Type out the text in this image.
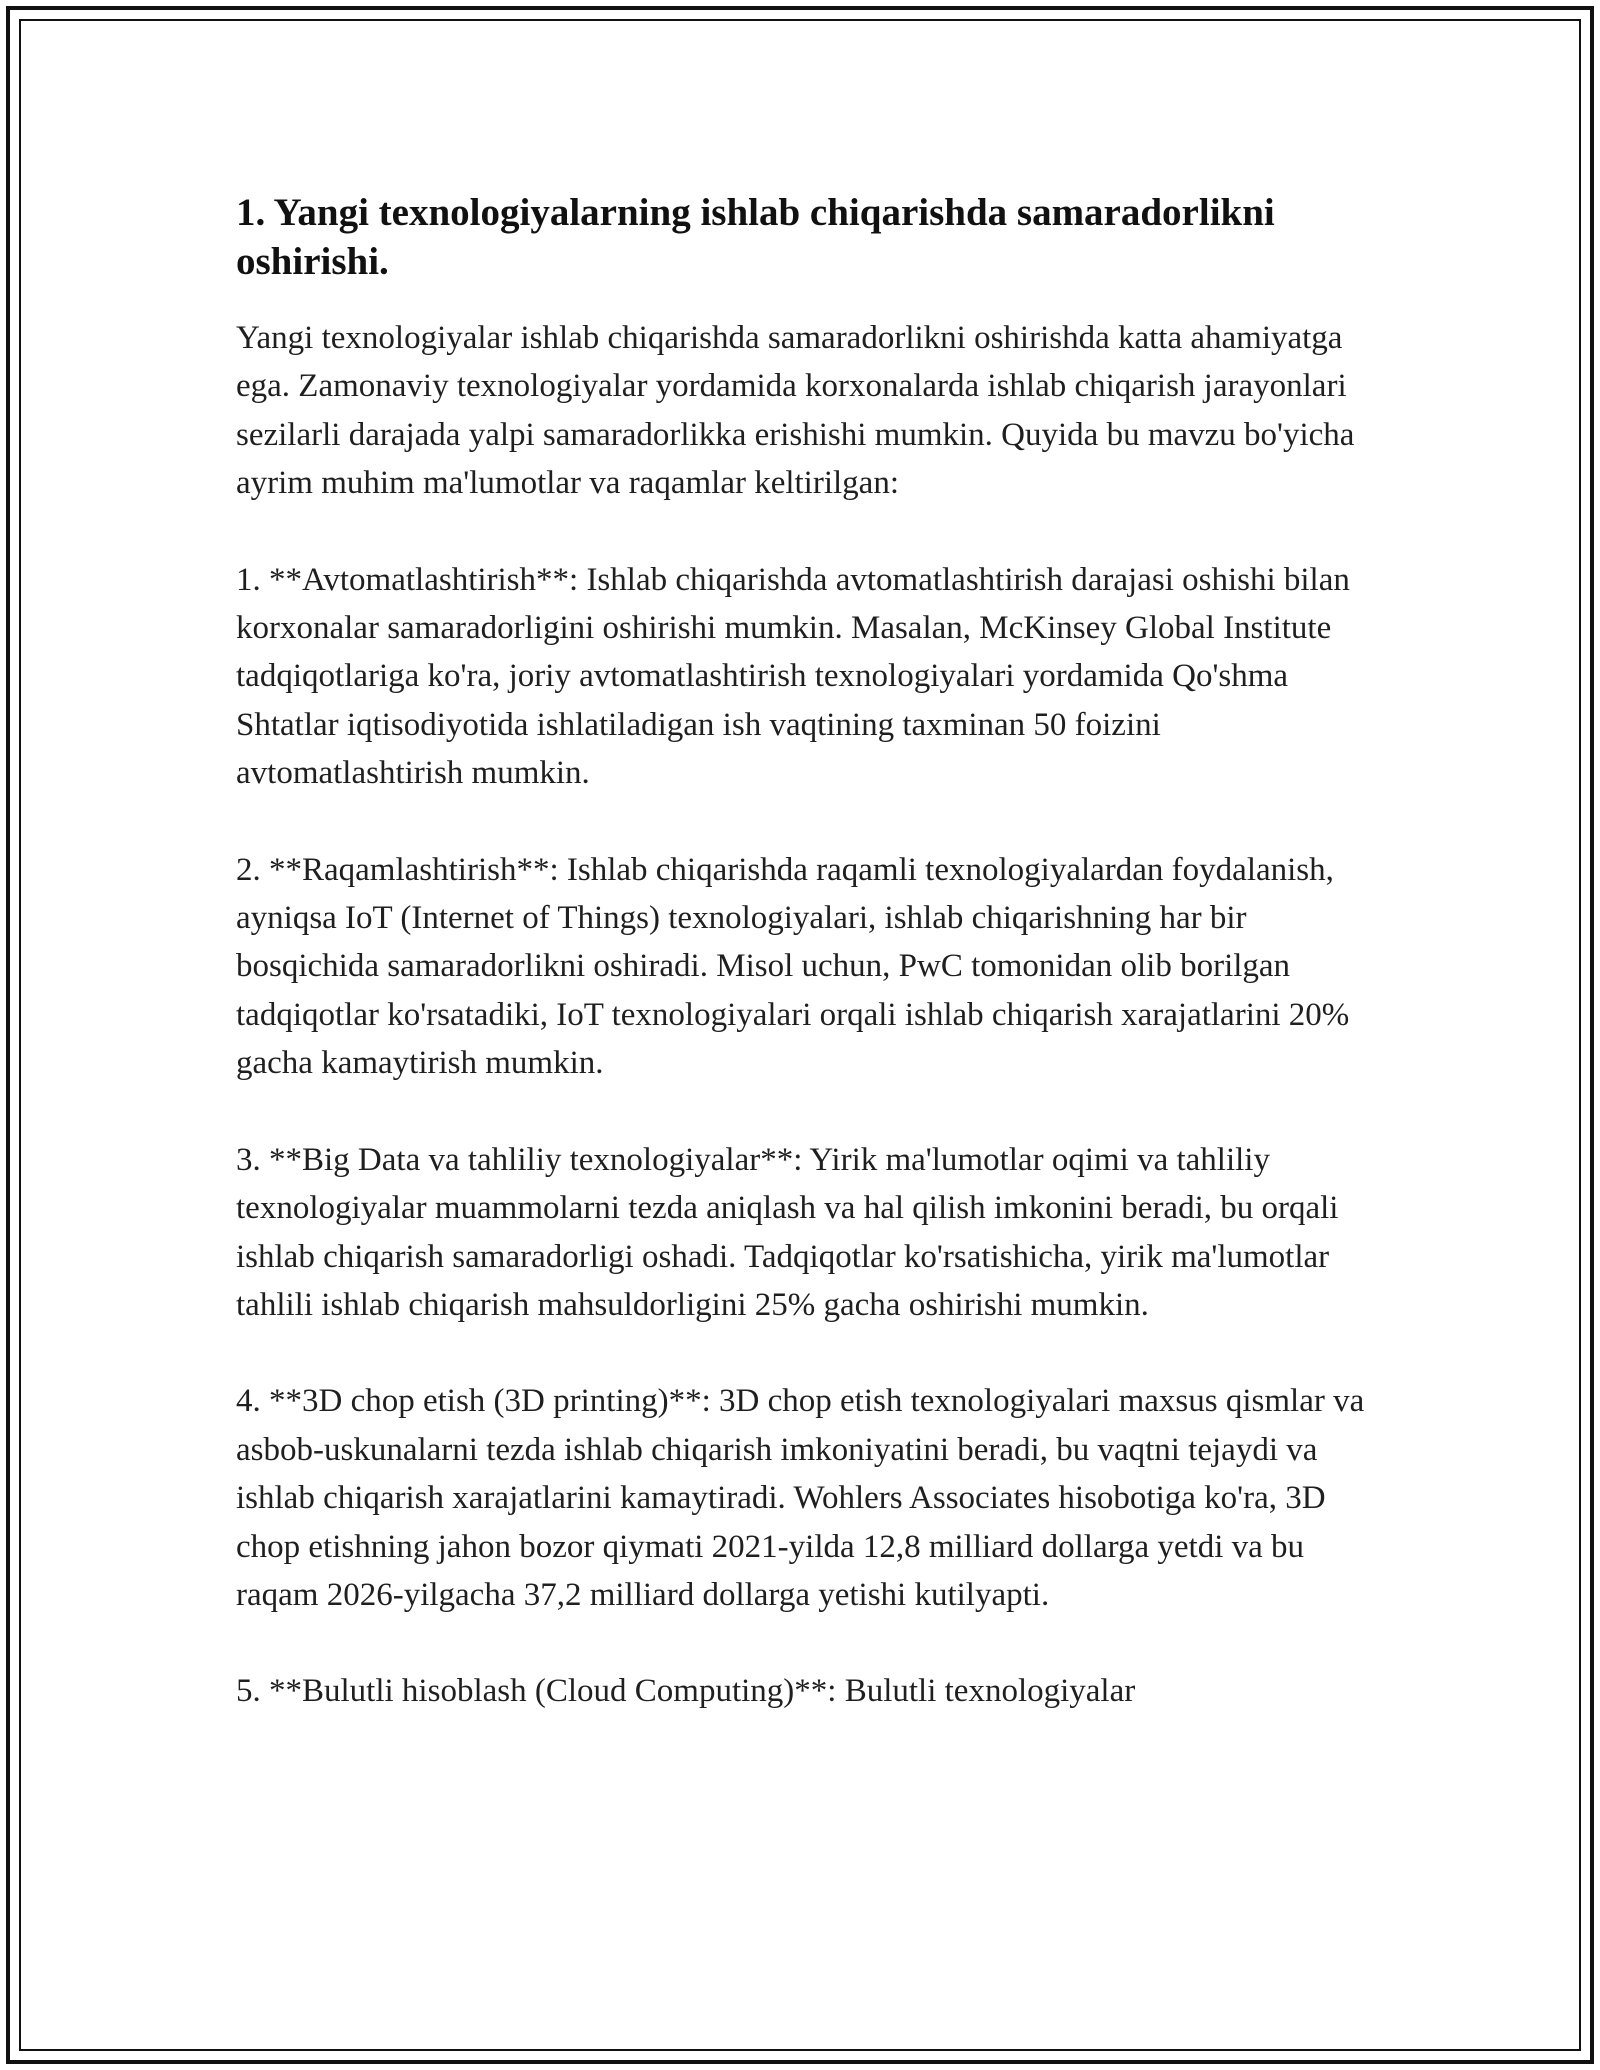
1. Yangi texnologiyalarning ishlab chiqarishda samaradorlikni oshirishi.

Yangi texnologiyalar ishlab chiqarishda samaradorlikni oshirishda katta ahamiyatga ega. Zamonaviy texnologiyalar yordamida korxonalarda ishlab chiqarish jarayonlari sezilarli darajada yalpi samaradorlikka erishishi mumkin. Quyida bu mavzu bo'yicha ayrim muhim ma'lumotlar va raqamlar keltirilgan:

1. **Avtomatlashtirish**: Ishlab chiqarishda avtomatlashtirish darajasi oshishi bilan korxonalar samaradorligini oshirishi mumkin. Masalan, McKinsey Global Institute tadqiqotlariga ko'ra, joriy avtomatlashtirish texnologiyalari yordamida Qo'shma Shtatlar iqtisodiyotida ishlatiladigan ish vaqtining taxminan 50 foizini avtomatlashtirish mumkin.

2. **Raqamlashtirish**: Ishlab chiqarishda raqamli texnologiyalardan foydalanish, ayniqsa IoT (Internet of Things) texnologiyalari, ishlab chiqarishning har bir bosqichida samaradorlikni oshiradi. Misol uchun, PwC tomonidan olib borilgan tadqiqotlar ko'rsatadiki, IoT texnologiyalari orqali ishlab chiqarish xarajatlarini 20% gacha kamaytirish mumkin.

3. **Big Data va tahliliy texnologiyalar**: Yirik ma'lumotlar oqimi va tahliliy texnologiyalar muammolarni tezda aniqlash va hal qilish imkonini beradi, bu orqali ishlab chiqarish samaradorligi oshadi. Tadqiqotlar ko'rsatishicha, yirik ma'lumotlar tahlili ishlab chiqarish mahsuldorligini 25% gacha oshirishi mumkin.

4. **3D chop etish (3D printing)**: 3D chop etish texnologiyalari maxsus qismlar va asbob-uskunalarni tezda ishlab chiqarish imkoniyatini beradi, bu vaqtni tejaydi va ishlab chiqarish xarajatlarini kamaytiradi. Wohlers Associates hisobotiga ko'ra, 3D chop etishning jahon bozor qiymati 2021-yilda 12,8 milliard dollarga yetdi va bu raqam 2026-yilgacha 37,2 milliard dollarga yetishi kutilyapti.

5. **Bulutli hisoblash (Cloud Computing)**: Bulutli texnologiyalar
